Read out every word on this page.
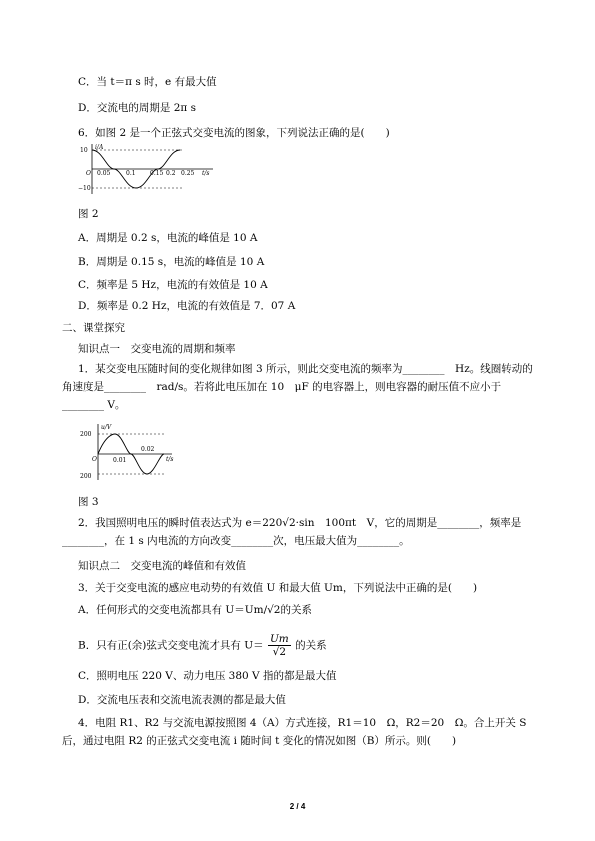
C．当 t＝π s 时，e 有最大值
D．交流电的周期是 2π s
6．如图 2 是一个正弦式交变电流的图象，下列说法正确的是(　　)
i/A
10
−10
O 0.05	0.1 0.15 0.2 0.25 t/s
图 2
A．周期是 0.2 s，电流的峰值是 10 A
B．周期是 0.15 s，电流的峰值是 10 A
C．频率是 5 Hz，电流的有效值是 10 A
D．频率是 0.2 Hz，电流的有效值是 7．07 A
二、课堂探究
知识点一　交变电流的周期和频率
1．某交变电压随时间的变化规律如图 3 所示，则此交变电流的频率为________　Hz。线圈转动的角速度是________　rad/s。若将此电压加在 10　μF 的电容器上，则电容器的耐压值不应小于________ V。
u/V
200
200
O	0.01
0.02
t/s
图 3
2．我国照明电压的瞬时值表达式为 e＝220√2·sin　100πt　V，它的周期是________，频率是________，在 1 s 内电流的方向改变________次，电压最大值为________。
知识点二　交变电流的峰值和有效值
3．关于交变电流的感应电动势的有效值 U 和最大值 Um，下列说法中正确的是(　　)
A．任何形式的交变电流都具有 U＝Um/√2的关系
B．只有正(余)弦式交变电流才具有 $U= \frac{Um}{√2}$ 的关系
C．照明电压 220 V、动力电压 380 V 指的都是最大值
D．交流电压表和交流电流表测的都是最大值
4．电阻 R1、R2 与交流电源按照图 4（A）方式连接，R1＝10　Ω，R2＝20　Ω。合上开关 S 后，通过电阻 R2 的正弦式交变电流 i 随时间 t 变化的情况如图（B）所示。则(　　)
2 / 4
